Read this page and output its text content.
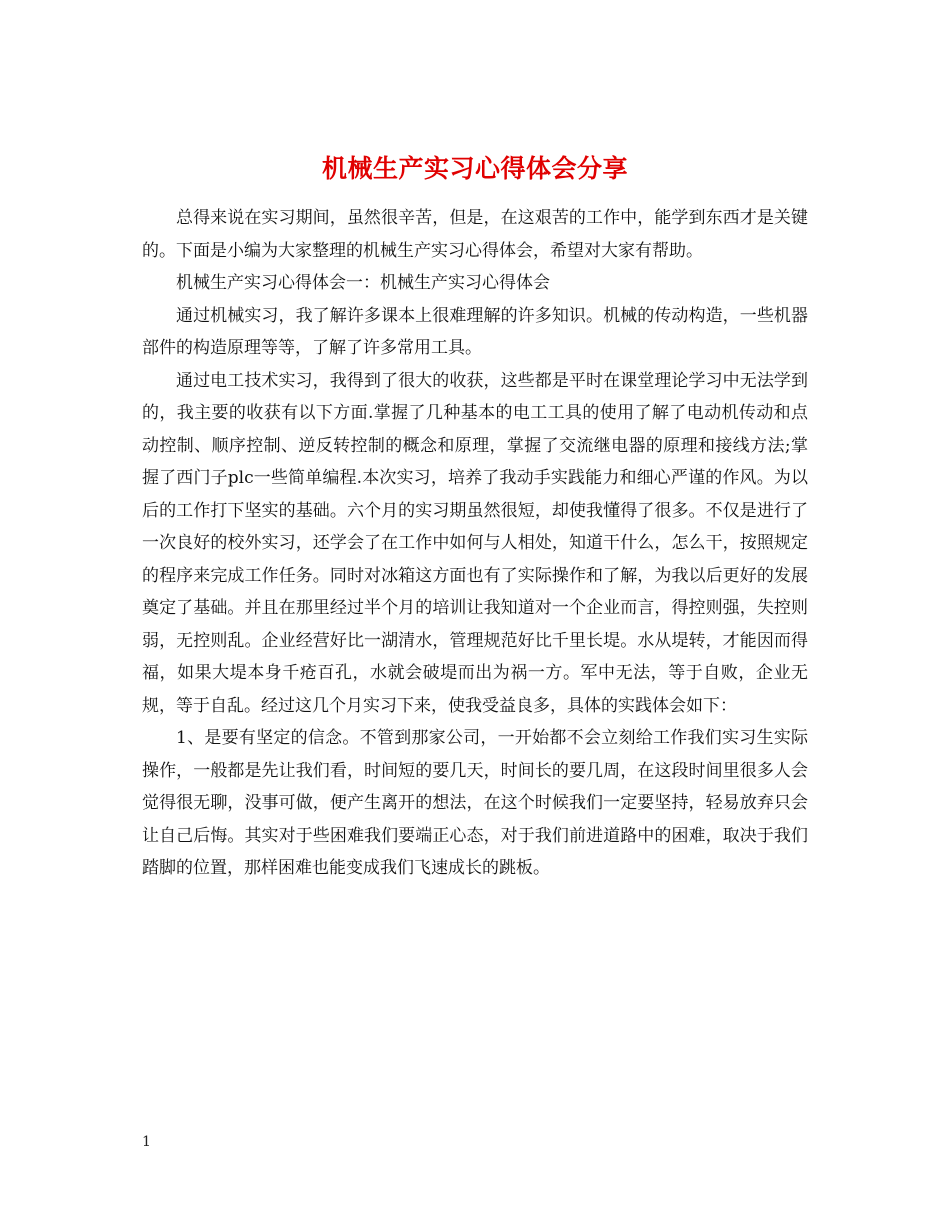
机械生产实习心得体会分享

总得来说在实习期间，虽然很辛苦，但是，在这艰苦的工作中，能学到东西才是关键的。下面是小编为大家整理的机械生产实习心得体会，希望对大家有帮助。

机械生产实习心得体会一：机械生产实习心得体会

通过机械实习，我了解许多课本上很难理解的许多知识。机械的传动构造，一些机器部件的构造原理等等，了解了许多常用工具。

通过电工技术实习，我得到了很大的收获，这些都是平时在课堂理论学习中无法学到的，我主要的收获有以下方面.掌握了几种基本的电工工具的使用了解了电动机传动和点动控制、顺序控制、逆反转控制的概念和原理，掌握了交流继电器的原理和接线方法;掌握了西门子plc一些简单编程.本次实习，培养了我动手实践能力和细心严谨的作风。为以后的工作打下坚实的基础。六个月的实习期虽然很短，却使我懂得了很多。不仅是进行了一次良好的校外实习，还学会了在工作中如何与人相处，知道干什么，怎么干，按照规定的程序来完成工作任务。同时对冰箱这方面也有了实际操作和了解，为我以后更好的发展奠定了基础。并且在那里经过半个月的培训让我知道对一个企业而言，得控则强，失控则弱，无控则乱。企业经营好比一湖清水，管理规范好比千里长堤。水从堤转，才能因而得福，如果大堤本身千疮百孔，水就会破堤而出为祸一方。军中无法，等于自败，企业无规，等于自乱。经过这几个月实习下来，使我受益良多，具体的实践体会如下：

1、是要有坚定的信念。不管到那家公司，一开始都不会立刻给工作我们实习生实际操作，一般都是先让我们看，时间短的要几天，时间长的要几周，在这段时间里很多人会觉得很无聊，没事可做，便产生离开的想法，在这个时候我们一定要坚持，轻易放弃只会让自己后悔。其实对于些困难我们要端正心态，对于我们前进道路中的困难，取决于我们踏脚的位置，那样困难也能变成我们飞速成长的跳板。

1
